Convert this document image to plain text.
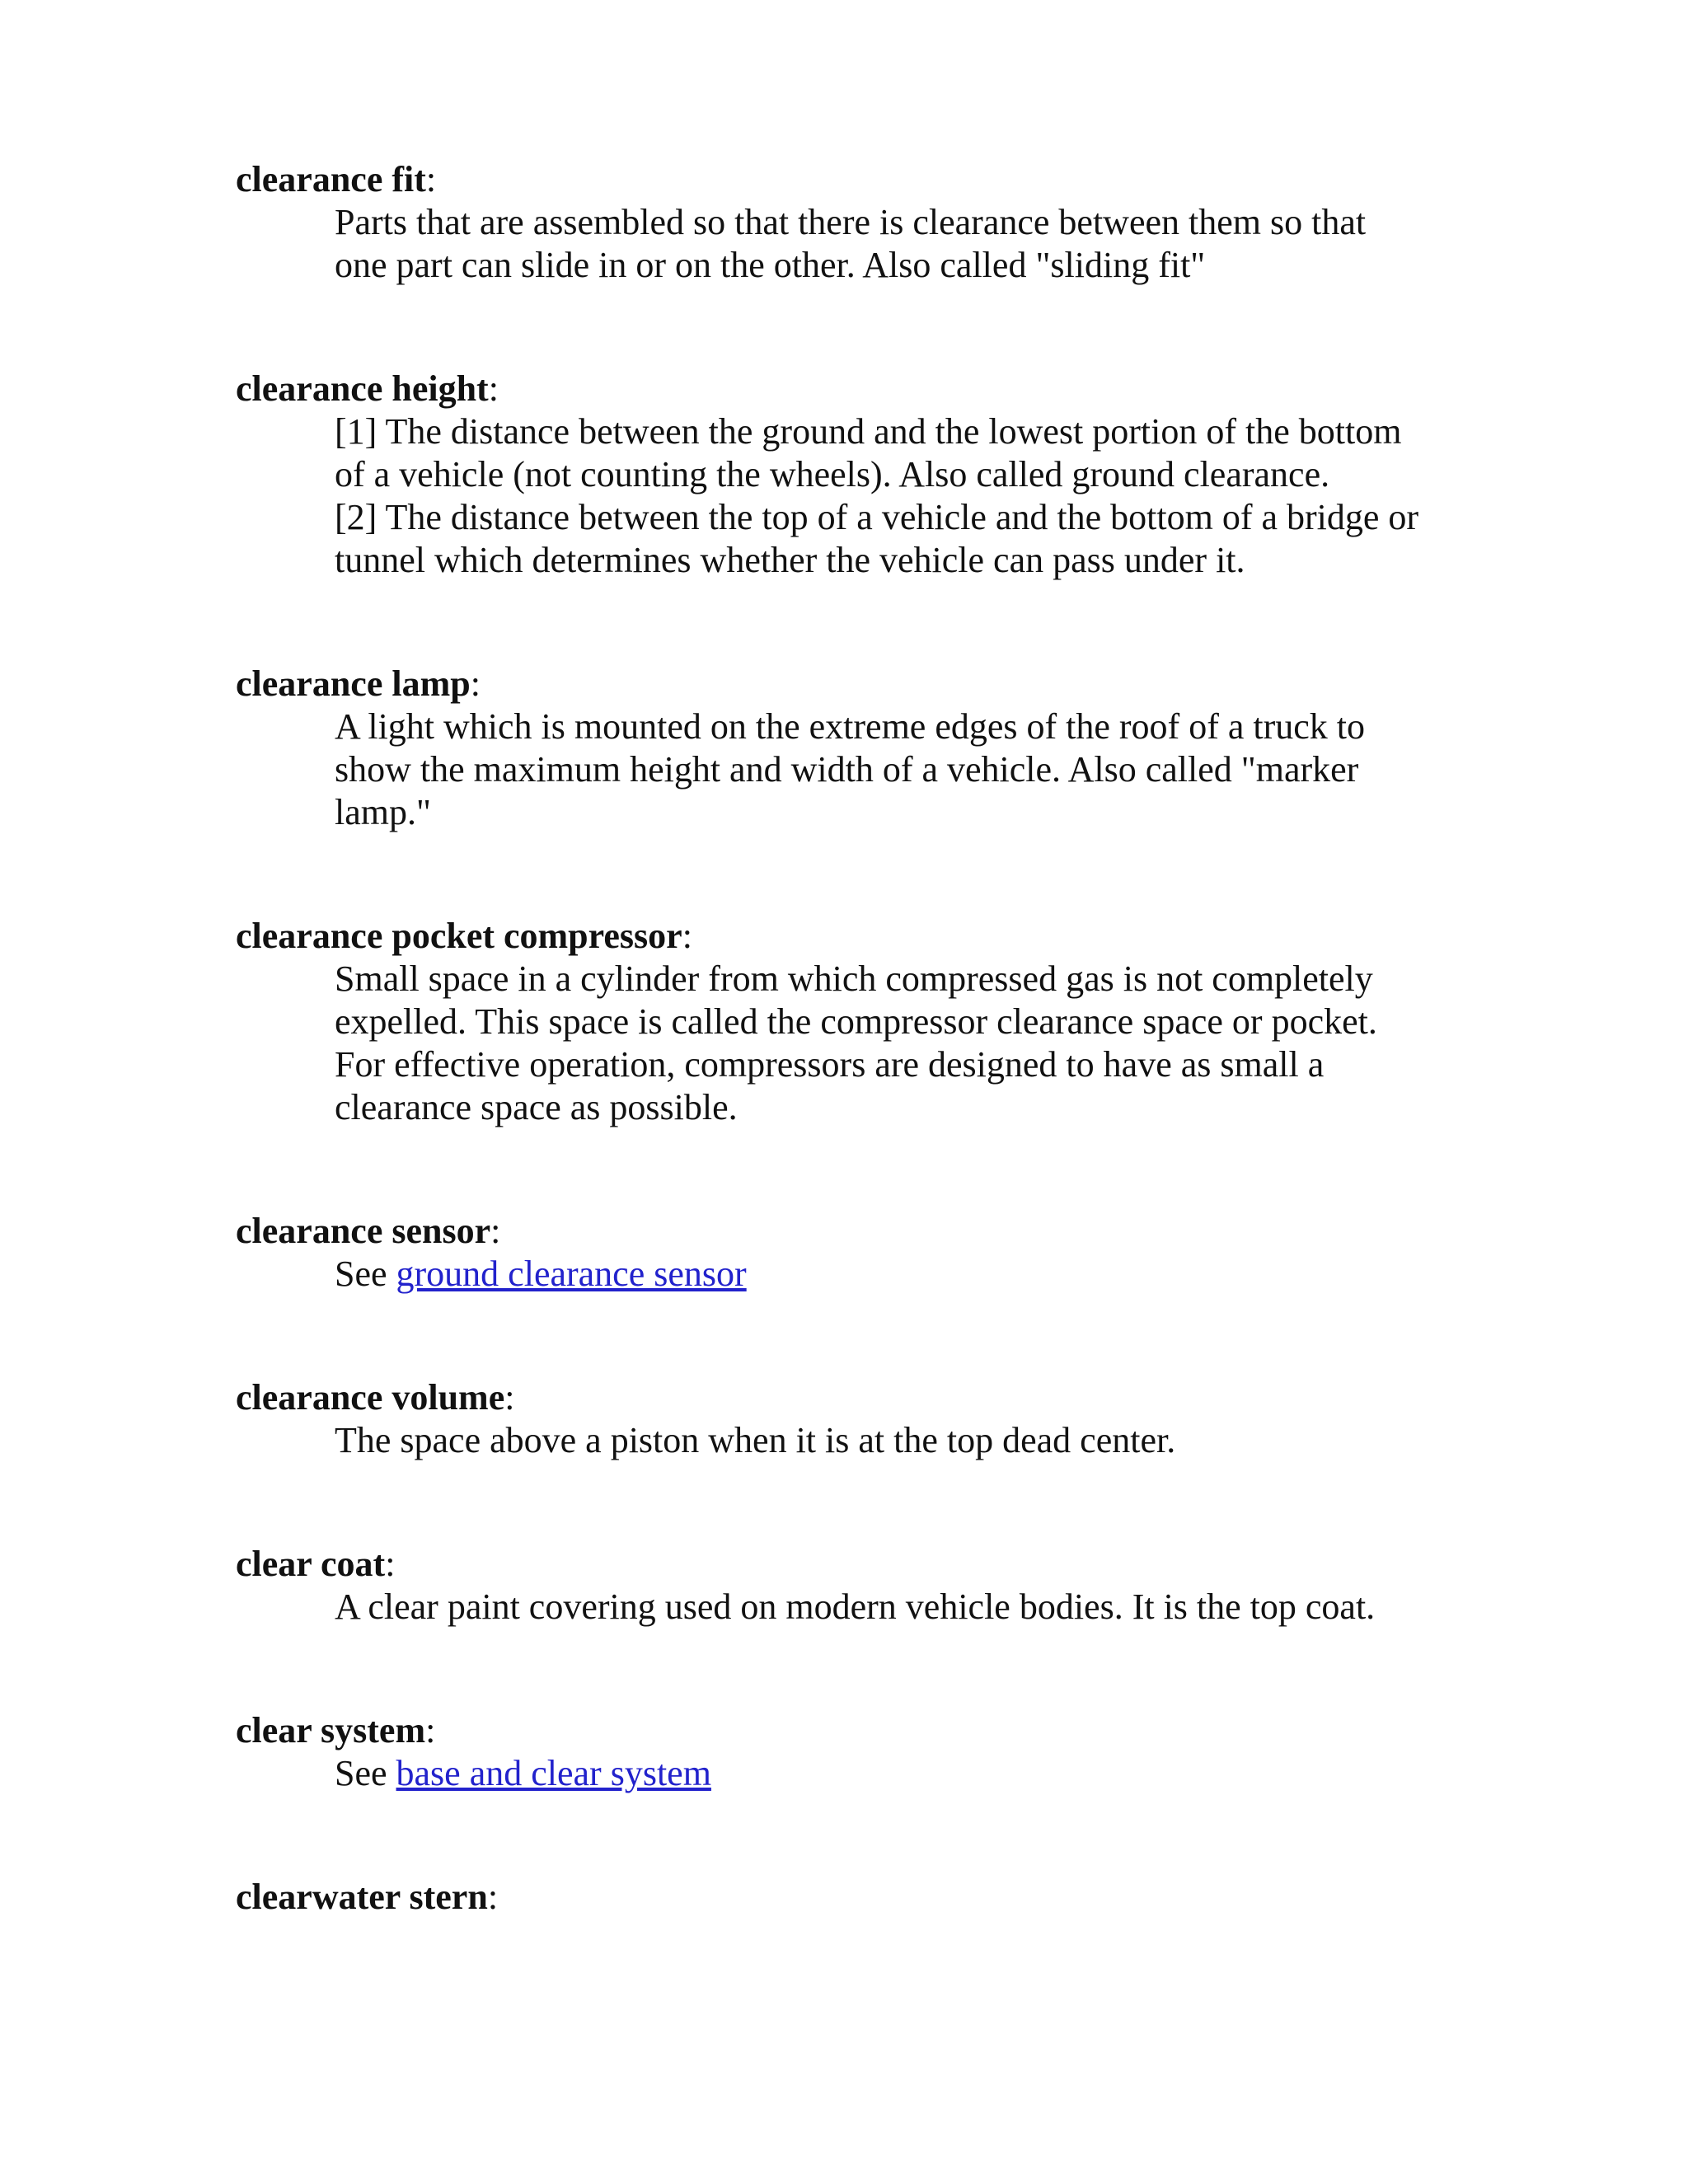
clearance fit:
Parts that are assembled so that there is clearance between them so that
one part can slide in or on the other. Also called "sliding fit"
clearance height:
[1] The distance between the ground and the lowest portion of the bottom
of a vehicle (not counting the wheels). Also called ground clearance.
[2] The distance between the top of a vehicle and the bottom of a bridge or
tunnel which determines whether the vehicle can pass under it.
clearance lamp:
A light which is mounted on the extreme edges of the roof of a truck to
show the maximum height and width of a vehicle. Also called "marker
lamp."
clearance pocket compressor:
Small space in a cylinder from which compressed gas is not completely
expelled. This space is called the compressor clearance space or pocket.
For effective operation, compressors are designed to have as small a
clearance space as possible.
clearance sensor:
See ground clearance sensor
clearance volume:
The space above a piston when it is at the top dead center.
clear coat:
A clear paint covering used on modern vehicle bodies. It is the top coat.
clear system:
See base and clear system
clearwater stern:
